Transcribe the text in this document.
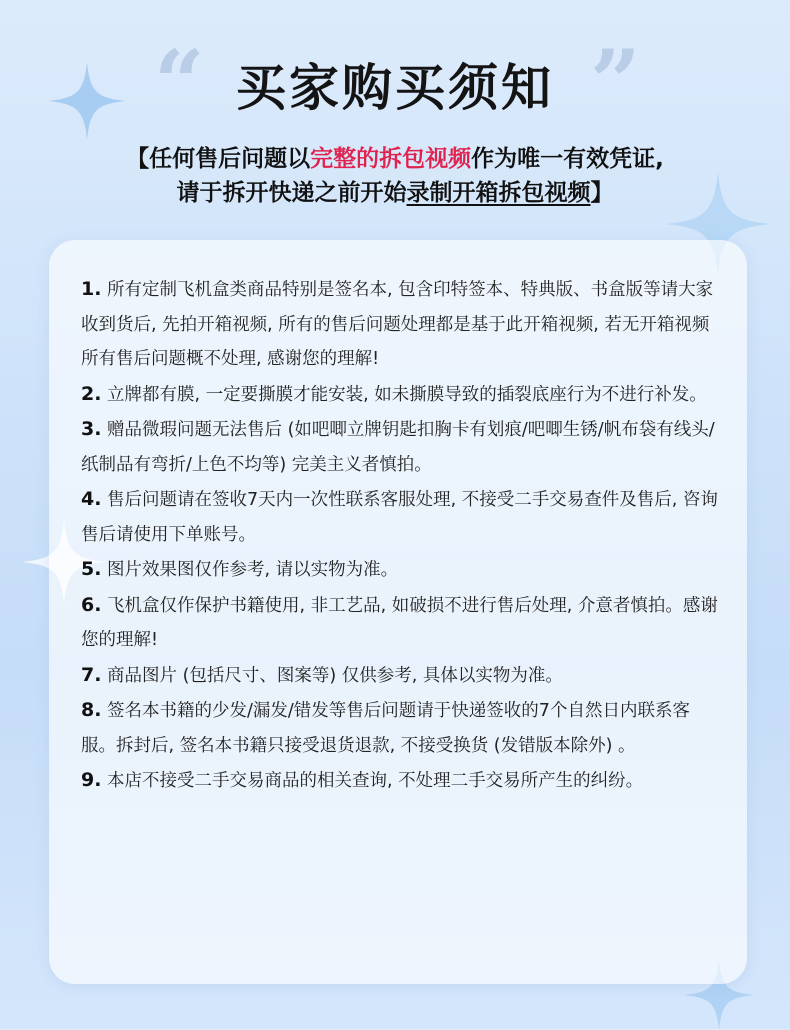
“	”
买家购买须知
【任何售后问题以完整的拆包视频作为唯一有效凭证,
请于拆开快递之前开始录制开箱拆包视频】

1. 所有定制飞机盒类商品特别是签名本, 包含印特签本、特典版、书盒版等请大家收到货后, 先拍开箱视频, 所有的售后问题处理都是基于此开箱视频, 若无开箱视频所有售后问题概不处理, 感谢您的理解!

2. 立牌都有膜, 一定要撕膜才能安装, 如未撕膜导致的插裂底座行为不进行补发。

3. 赠品微瑕问题无法售后 (如吧唧立牌钥匙扣胸卡有划痕/吧唧生锈/帆布袋有线头/纸制品有弯折/上色不均等) 完美主义者慎拍。

4. 售后问题请在签收7天内一次性联系客服处理, 不接受二手交易查件及售后, 咨询售后请使用下单账号。

5. 图片效果图仅作参考, 请以实物为准。

6. 飞机盒仅作保护书籍使用, 非工艺品, 如破损不进行售后处理, 介意者慎拍。感谢您的理解!

7. 商品图片 (包括尺寸、图案等) 仅供参考, 具体以实物为准。

8. 签名本书籍的少发/漏发/错发等售后问题请于快递签收的7个自然日内联系客服。拆封后, 签名本书籍只接受退货退款, 不接受换货 (发错版本除外) 。

9. 本店不接受二手交易商品的相关查询, 不处理二手交易所产生的纠纷。
